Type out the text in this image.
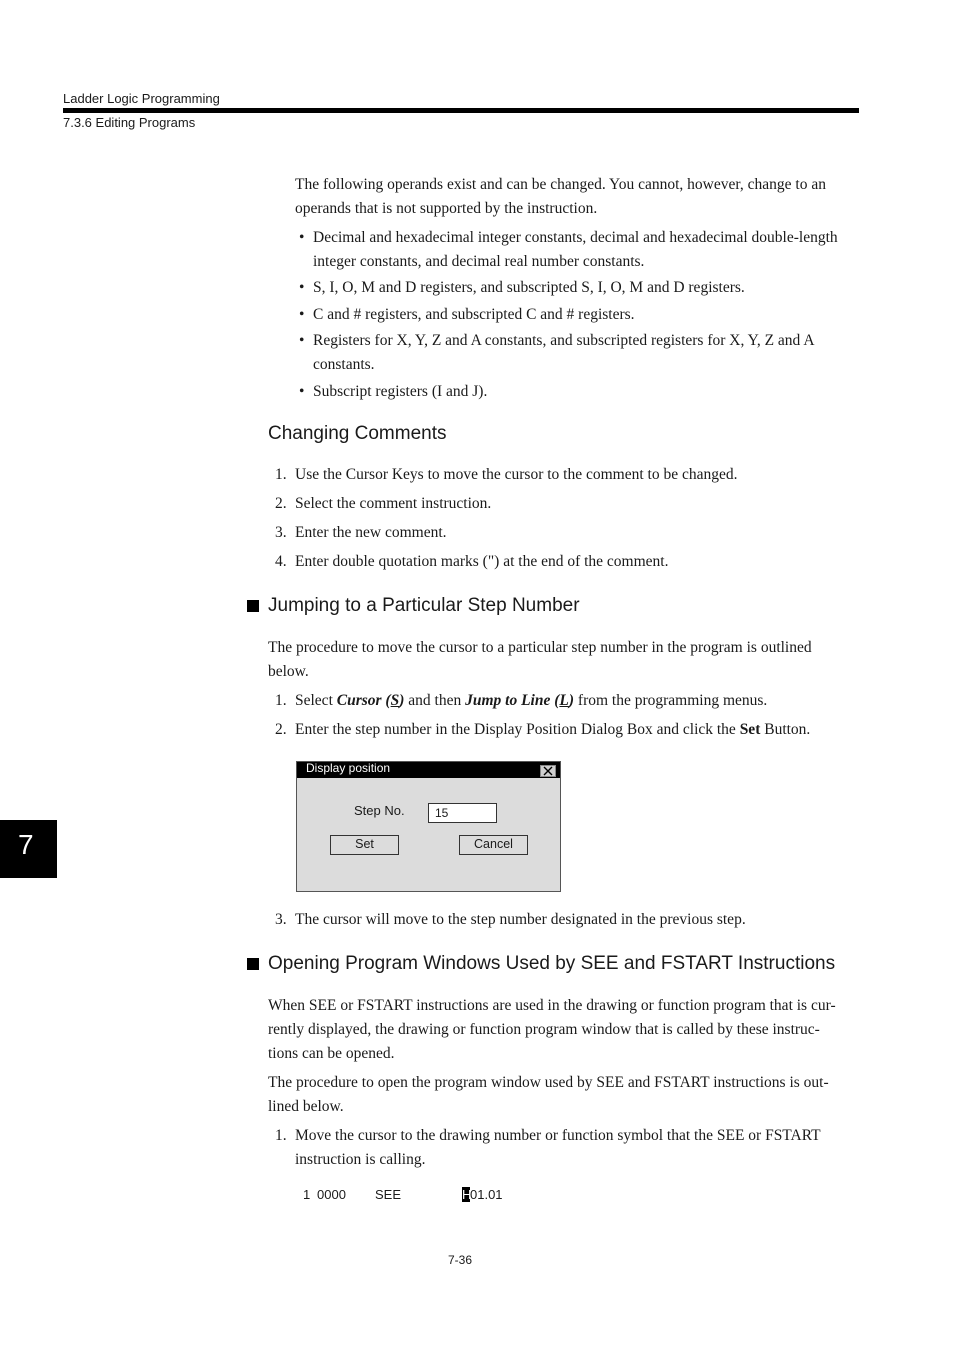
Ladder Logic Programming
7.3.6 Editing Programs
The following operands exist and can be changed. You cannot, however, change to an
operands that is not supported by the instruction.
• Decimal and hexadecimal integer constants, decimal and hexadecimal double-length
integer constants, and decimal real number constants.
• S, I, O, M and D registers, and subscripted S, I, O, M and D registers.
• C and # registers, and subscripted C and # registers.
• Registers for X, Y, Z and A constants, and subscripted registers for X, Y, Z and A
constants.
• Subscript registers (I and J).
Changing Comments
1. Use the Cursor Keys to move the cursor to the comment to be changed.
2. Select the comment instruction.
3. Enter the new comment.
4. Enter double quotation marks (") at the end of the comment.
Jumping to a Particular Step Number
The procedure to move the cursor to a particular step number in the program is outlined
below.
1. Select Cursor (S) and then Jump to Line (L) from the programming menus.
2. Enter the step number in the Display Position Dialog Box and click the Set Button.
Display position
Step No.	15
Set	Cancel
3. The cursor will move to the step number designated in the previous step.
7
Opening Program Windows Used by SEE and FSTART Instructions
When SEE or FSTART instructions are used in the drawing or function program that is cur-
rently displayed, the drawing or function program window that is called by these instruc-
tions can be opened.
The procedure to open the program window used by SEE and FSTART instructions is out-
lined below.
1. Move the cursor to the drawing number or function symbol that the SEE or FSTART
instruction is calling.
1 0000 SEE	H01.01
7-36
